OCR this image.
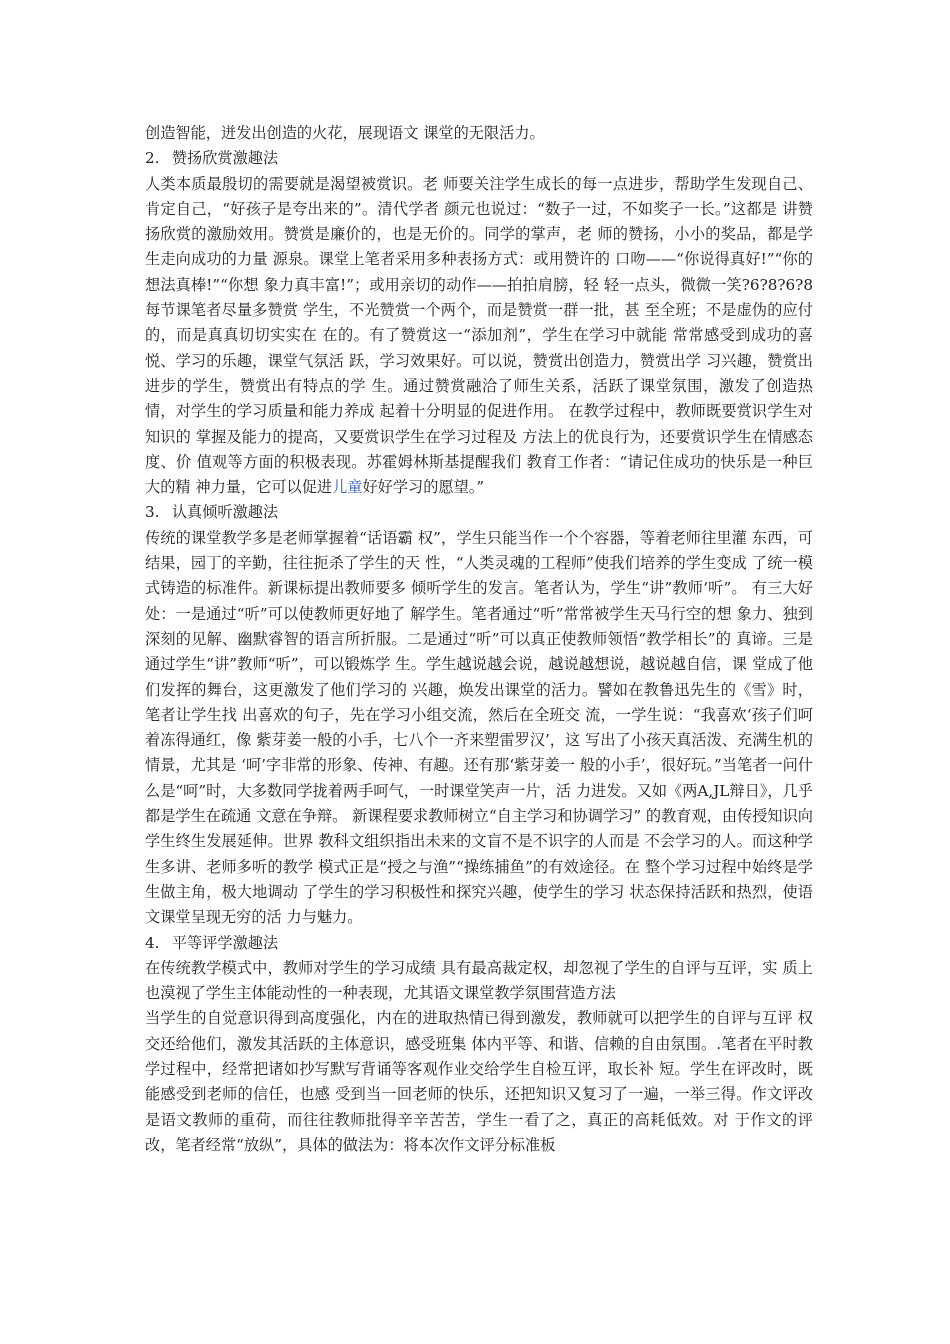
创造智能，迸发出创造的火花，展现语文 课堂的无限活力。

2. 赞扬欣赏激趣法

人类本质最殷切的需要就是渴望被赏识。老 师要关注学生成长的每一点进步，帮助学生发现自己、肯定自己，“好孩子是夸出来的”。清代学者 颜元也说过：“数子一过，不如奖子一长。”这都是 讲赞扬欣赏的激励效用。赞赏是廉价的，也是无价的。同学的掌声，老 师的赞扬，小小的奖品，都是学生走向成功的力量 源泉。课堂上笔者采用多种表扬方式：或用赞许的 口吻——“你说得真好!”“你的想法真棒!”“你想 象力真丰富!”；或用亲切的动作——拍拍肩膀，轻 轻一点头，微微一笑?6?8?6?8 每节课笔者尽量多赞赏 学生，不光赞赏一个两个，而是赞赏一群一批，甚 至全班；不是虚伪的应付的，而是真真切切实实在 在的。有了赞赏这一“添加剂”，学生在学习中就能 常常感受到成功的喜悦、学习的乐趣，课堂气氛活 跃，学习效果好。可以说，赞赏出创造力，赞赏出学 习兴趣，赞赏出进步的学生，赞赏出有特点的学 生。通过赞赏融洽了师生关系，活跃了课堂氛围，激发了创造热情，对学生的学习质量和能力养成 起着十分明显的促进作用。 在教学过程中，教师既要赏识学生对知识的 掌握及能力的提高，又要赏识学生在学习过程及 方法上的优良行为，还要赏识学生在情感态度、价 值观等方面的积极表现。苏霍姆林斯基提醒我们 教育工作者：“请记住成功的快乐是一种巨大的精 神力量，它可以促进儿童好好学习的愿望。”

3. 认真倾听激趣法

传统的课堂教学多是老师掌握着“话语霸 权”，学生只能当作一个个容器，等着老师往里灌 东西，可结果，园丁的辛勤，往往扼杀了学生的天 性，“人类灵魂的工程师”使我们培养的学生变成 了统一模式铸造的标准件。新课标提出教师要多 倾听学生的发言。笔者认为，学生“讲”教师‘听”。 有三大好处：一是通过“听”可以使教师更好地了 解学生。笔者通过“听”常常被学生天马行空的想 象力、独到深刻的见解、幽默睿智的语言所折服。二是通过“听”可以真正使教师领悟“教学相长”的 真谛。三是通过学生“讲”教师“听”，可以锻炼学 生。学生越说越会说，越说越想说，越说越自信，课 堂成了他们发挥的舞台，这更激发了他们学习的 兴趣，焕发出课堂的活力。譬如在教鲁迅先生的《雪》时，笔者让学生找 出喜欢的句子，先在学习小组交流，然后在全班交 流，一学生说：“我喜欢‘孩子们呵着冻得通红，像 紫芽姜一般的小手，七八个一齐来塑雷罗汉’，这 写出了小孩天真活泼、充满生机的情景，尤其是 ‘呵’字非常的形象、传神、有趣。还有那‘紫芽姜一 般的小手’，很好玩。”当笔者一问什么是“呵”时，大多数同学拢着两手呵气，一时课堂笑声一片，活 力进发。又如《两A,JL辩日》，几乎都是学生在疏通 文意在争辩。 新课程要求教师树立“自主学习和协调学习” 的教育观，由传授知识向学生终生发展延伸。世界 教科文组织指出未来的文盲不是不识字的人而是 不会学习的人。而这种学生多讲、老师多听的教学 模式正是“授之与渔”“操练捕鱼”的有效途径。在 整个学习过程中始终是学生做主角，极大地调动 了学生的学习积极性和探究兴趣，使学生的学习 状态保持活跃和热烈，使语文课堂呈现无穷的活 力与魅力。

4. 平等评学激趣法

在传统教学模式中，教师对学生的学习成绩 具有最高裁定权，却忽视了学生的自评与互评，实 质上也漠视了学生主体能动性的一种表现，尤其语文课堂教学氛围营造方法

当学生的自觉意识得到高度强化，内在的进取热情已得到激发，教师就可以把学生的自评与互评 权交还给他们，激发其活跃的主体意识，感受班集 体内平等、和谐、信赖的自由氛围。.笔者在平时教学过程中，经常把诸如抄写默写背诵等客观作业交给学生自检互评，取长补 短。学生在评改时，既能感受到老师的信任，也感 受到当一回老师的快乐，还把知识又复习了一遍，一举三得。作文评改是语文教师的重荷，而往往教师批得辛辛苦苦，学生一看了之，真正的高耗低效。对 于作文的评改，笔者经常“放纵”，具体的做法为：将本次作文评分标准板
